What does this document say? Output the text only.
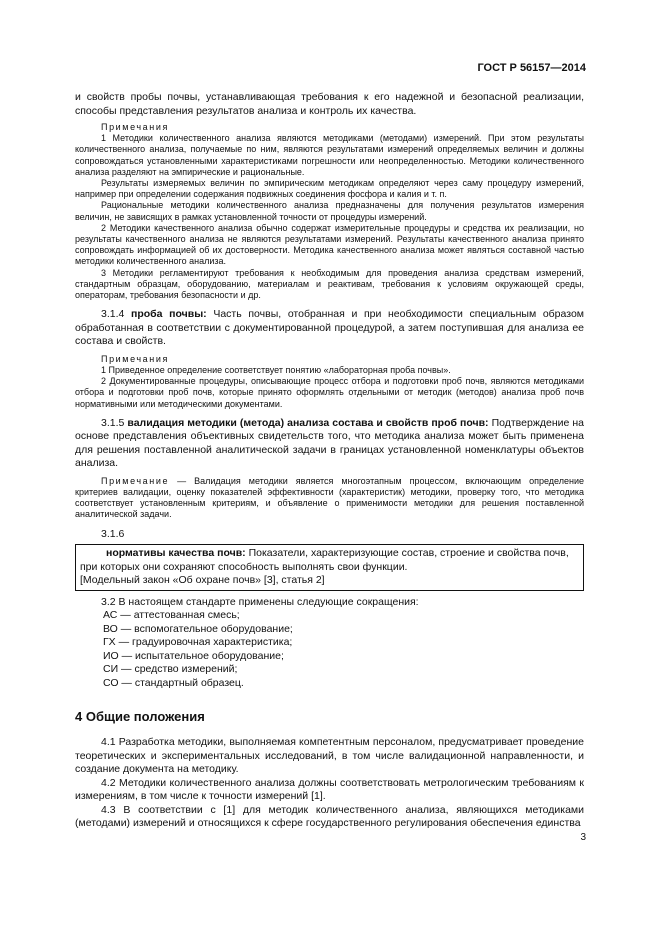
ГОСТ Р 56157—2014

и свойств пробы почвы, устанавливающая требования к его надежной и безопасной реализации, способы представления результатов анализа и контроль их качества.

Примечания

1 Методики количественного анализа являются методиками (методами) измерений. При этом результаты количественного анализа, получаемые по ним, являются результатами измерений определяемых величин и должны сопровождаться установленными характеристиками погрешности или неопределенностью. Методики количественного анализа разделяют на эмпирические и рациональные.

Результаты измеряемых величин по эмпирическим методикам определяют через саму процедуру измерений, например при определении содержания подвижных соединения фосфора и калия и т. п.

Рациональные методики количественного анализа предназначены для получения результатов измерения величин, не зависящих в рамках установленной точности от процедуры измерений.

2 Методики качественного анализа обычно содержат измерительные процедуры и средства их реализации, но результаты качественного анализа не являются результатами измерений. Результаты качественного анализа принято сопровождать информацией об их достоверности. Методика качественного анализа может являться составной частью методики количественного анализа.

3 Методики регламентируют требования к необходимым для проведения анализа средствам измерений, стандартным образцам, оборудованию, материалам и реактивам, требования к условиям окружающей среды, операторам, требования безопасности и др.

3.1.4 проба почвы: Часть почвы, отобранная и при необходимости специальным образом обработанная в соответствии с документированной процедурой, а затем поступившая для анализа ее состава и свойств.

Примечания

1 Приведенное определение соответствует понятию «лабораторная проба почвы».

2 Документированные процедуры, описывающие процесс отбора и подготовки проб почв, являются методиками отбора и подготовки проб почв, которые принято оформлять отдельными от методик (методов) анализа проб почв нормативными или методическими документами.

3.1.5 валидация методики (метода) анализа состава и свойств проб почв: Подтверждение на основе представления объективных свидетельств того, что методика анализа может быть применена для решения поставленной аналитической задачи в границах установленной номенклатуры объектов анализа.

Примечание — Валидация методики является многоэтапным процессом, включающим определение критериев валидации, оценку показателей эффективности (характеристик) методики, проверку того, что методика соответствует установленным критериям, и объявление о применимости методики для решения поставленной аналитической задачи.

3.1.6

нормативы качества почв: Показатели, характеризующие состав, строение и свойства почв, при которых они сохраняют способность выполнять свои функции.

[Модельный закон «Об охране почв» [3], статья 2]

3.2 В настоящем стандарте применены следующие сокращения:

АС — аттестованная смесь;

ВО — вспомогательное оборудование;

ГХ — градуировочная характеристика;

ИО — испытательное оборудование;

СИ — средство измерений;

СО — стандартный образец.

4 Общие положения

4.1 Разработка методики, выполняемая компетентным персоналом, предусматривает проведение теоретических и экспериментальных исследований, в том числе валидационной направленности, и создание документа на методику.

4.2 Методики количественного анализа должны соответствовать метрологическим требованиям к измерениям, в том числе к точности измерений [1].

4.3 В соответствии с [1] для методик количественного анализа, являющихся методиками (методами) измерений и относящихся к сфере государственного регулирования обеспечения единства

3
